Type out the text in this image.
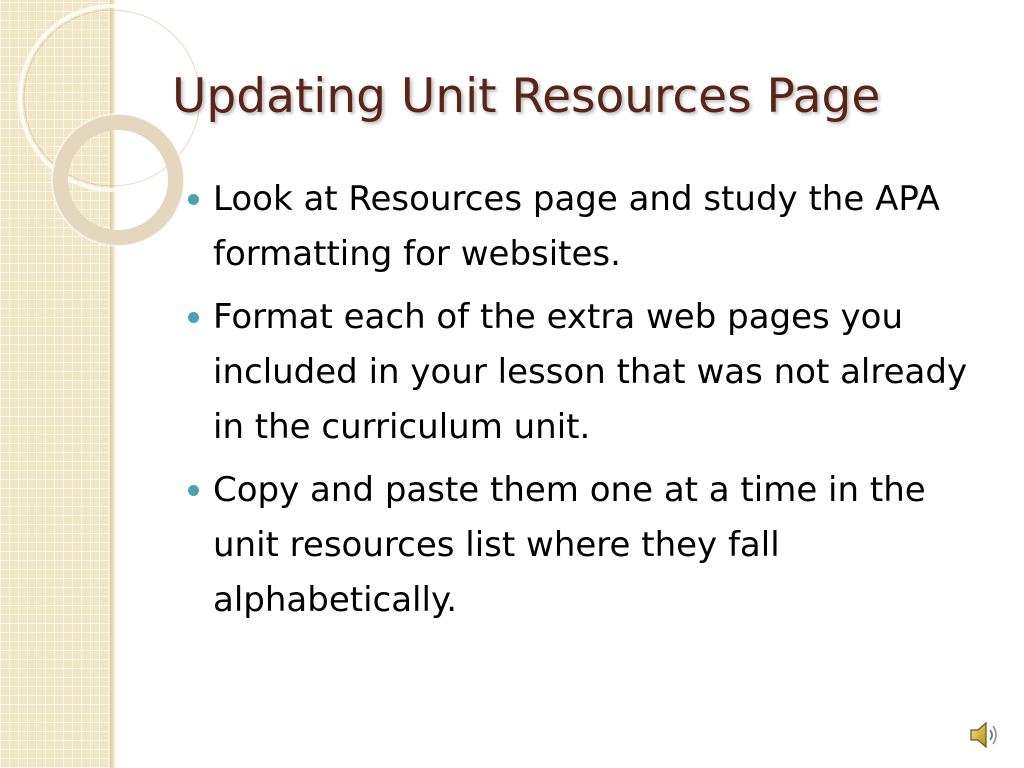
Updating Unit Resources Page
Look at Resources page and study the APA formatting for websites.
Format each of the extra web pages you included in your lesson that was not already in the curriculum unit.
Copy and paste them one at a time in the unit resources list where they fall alphabetically.
